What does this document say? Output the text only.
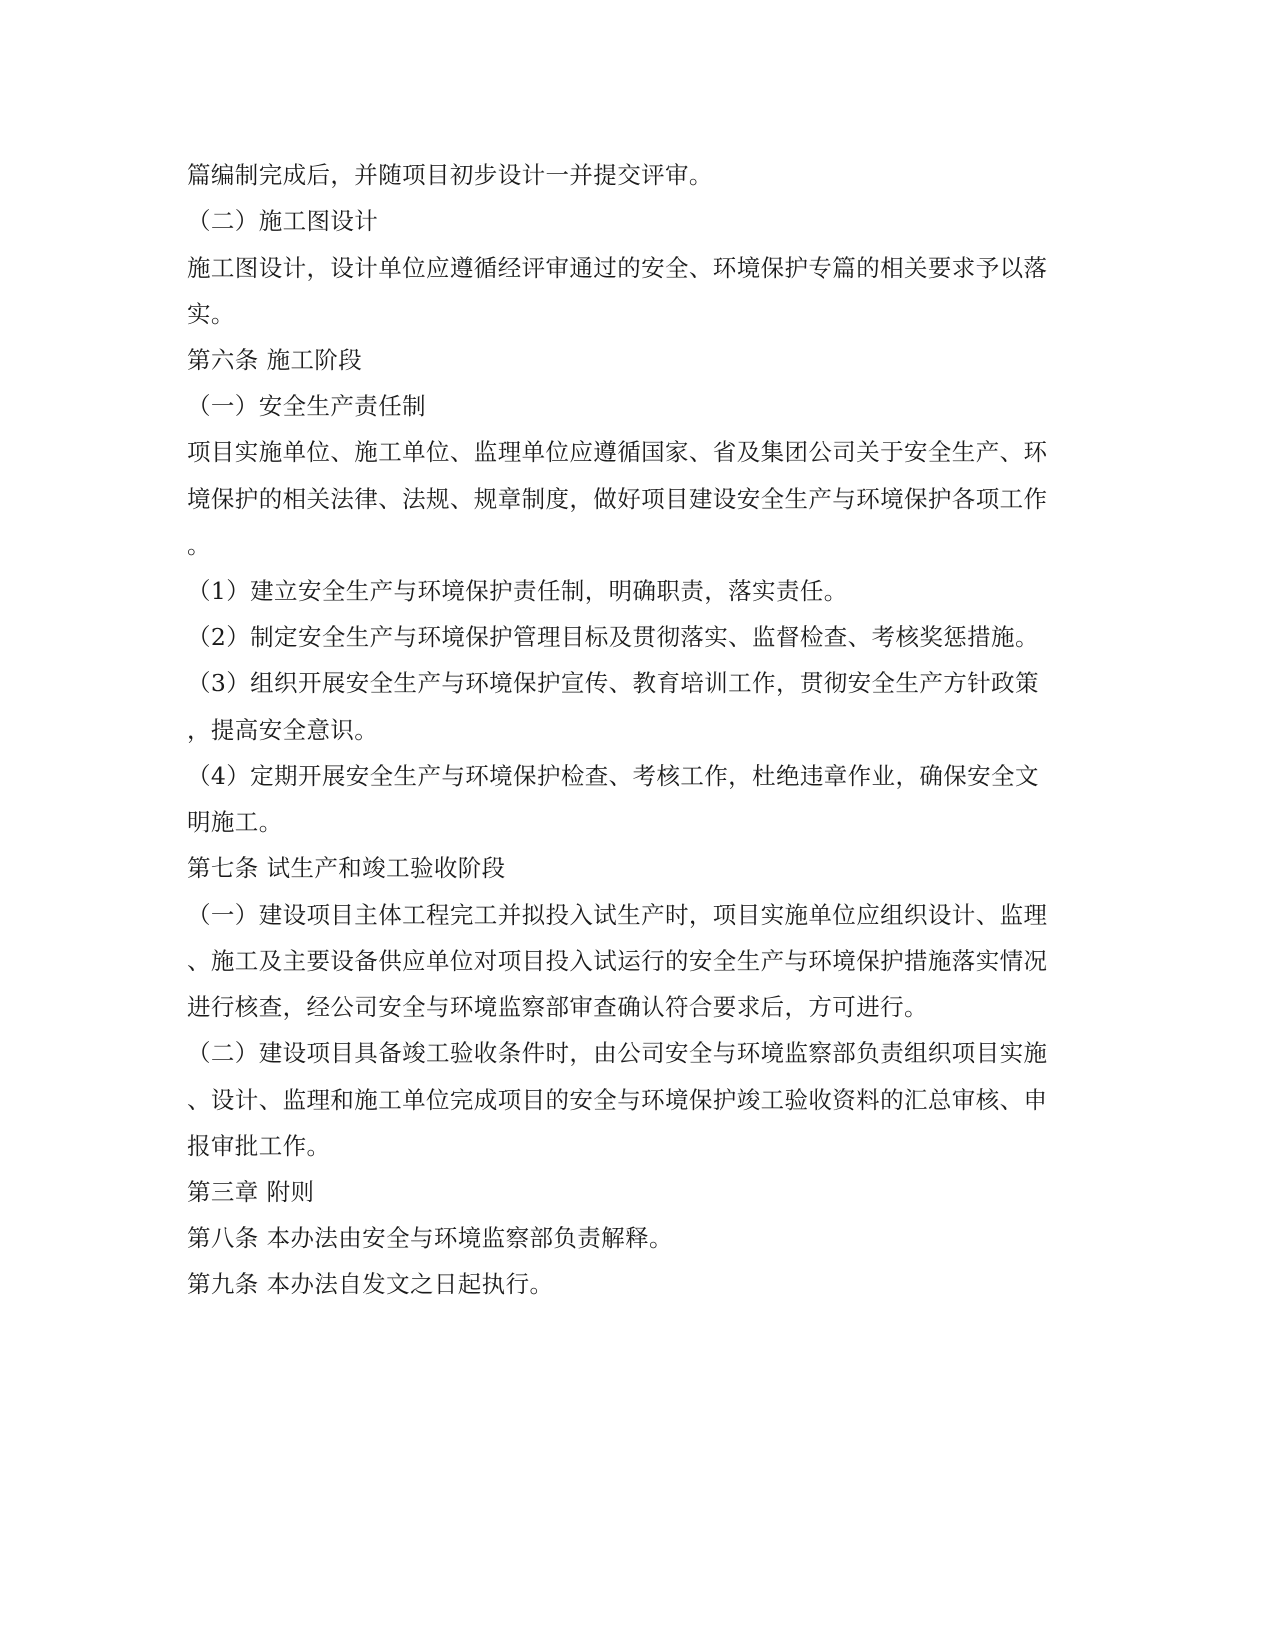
篇编制完成后，并随项目初步设计一并提交评审。
（二）施工图设计
施工图设计，设计单位应遵循经评审通过的安全、环境保护专篇的相关要求予以落
实。
第六条 施工阶段
（一）安全生产责任制
项目实施单位、施工单位、监理单位应遵循国家、省及集团公司关于安全生产、环
境保护的相关法律、法规、规章制度，做好项目建设安全生产与环境保护各项工作
。
（1）建立安全生产与环境保护责任制，明确职责，落实责任。
（2）制定安全生产与环境保护管理目标及贯彻落实、监督检查、考核奖惩措施。
（3）组织开展安全生产与环境保护宣传、教育培训工作，贯彻安全生产方针政策
，提高安全意识。
（4）定期开展安全生产与环境保护检查、考核工作，杜绝违章作业，确保安全文
明施工。
第七条 试生产和竣工验收阶段
（一）建设项目主体工程完工并拟投入试生产时，项目实施单位应组织设计、监理
、施工及主要设备供应单位对项目投入试运行的安全生产与环境保护措施落实情况
进行核查，经公司安全与环境监察部审查确认符合要求后，方可进行。
（二）建设项目具备竣工验收条件时，由公司安全与环境监察部负责组织项目实施
、设计、监理和施工单位完成项目的安全与环境保护竣工验收资料的汇总审核、申
报审批工作。
第三章 附则
第八条 本办法由安全与环境监察部负责解释。
第九条 本办法自发文之日起执行。
